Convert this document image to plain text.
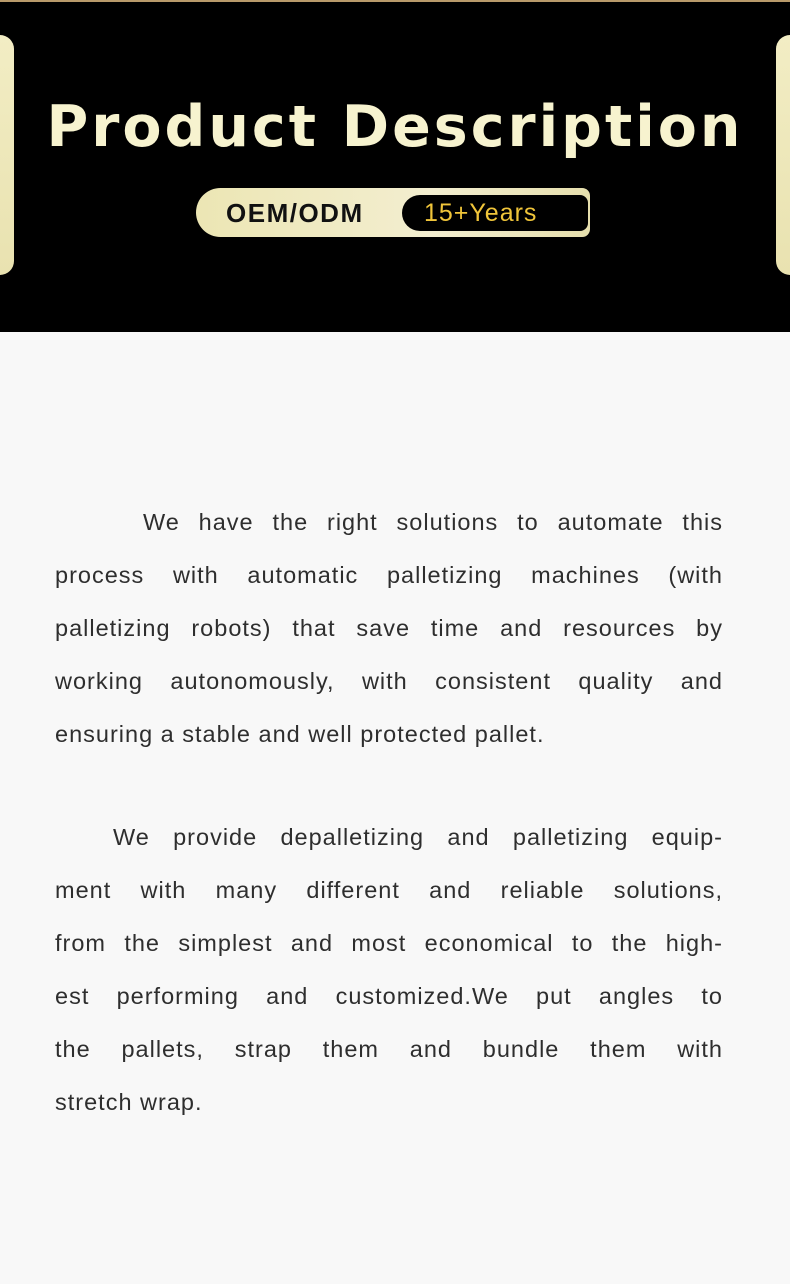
Product Description
OEM/ODM	15+Years
We have the right solutions to automate this
process with automatic palletizing machines (with
palletizing robots) that save time and resources by
working autonomously, with consistent quality and
ensuring a stable and well protected pallet.
We provide depalletizing and palletizing equip-
ment with many different and reliable solutions,
from the simplest and most economical to the high-
est performing and customized.We put angles to
the pallets, strap them and bundle them with
stretch wrap.
